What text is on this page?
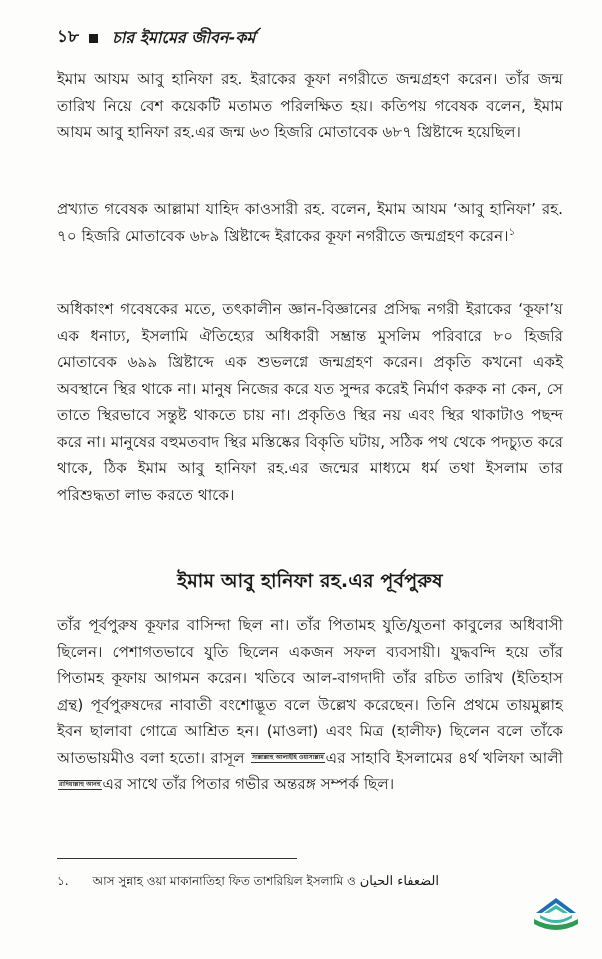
১৮ চার ইমামের জীবন-কর্ম

ইমাম আযম আবু হানিফা রহ. ইরাকের কূফা নগরীতে জন্মগ্রহণ করেন। তাঁর জন্ম তারিখ নিয়ে বেশ কয়েকটি মতামত পরিলক্ষিত হয়। কতিপয় গবেষক বলেন, ইমাম আযম আবু হানিফা রহ.এর জন্ম ৬৩ হিজরি মোতাবেক ৬৮৭ খ্রিষ্টাব্দে হয়েছিল।

প্রখ্যাত গবেষক আল্লামা যাহিদ কাওসারী রহ. বলেন, ইমাম আযম ‘আবু হানিফা’ রহ. ৭০ হিজরি মোতাবেক ৬৮৯ খ্রিষ্টাব্দে ইরাকের কূফা নগরীতে জন্মগ্রহণ করেন।$^১$

অধিকাংশ গবেষকের মতে, তৎকালীন জ্ঞান-বিজ্ঞানের প্রসিদ্ধ নগরী ইরাকের ‘কূফা’য় এক ধনাঢ্য, ইসলামি ঐতিহ্যের অধিকারী সম্ভ্রান্ত মুসলিম পরিবারে ৮০ হিজরি মোতাবেক ৬৯৯ খ্রিষ্টাব্দে এক শুভলগ্নে জন্মগ্রহণ করেন। প্রকৃতি কখনো একই অবস্থানে স্থির থাকে না। মানুষ নিজের করে যত সুন্দর করেই নির্মাণ করুক না কেন, সে তাতে স্থিরভাবে সন্তুষ্ট থাকতে চায় না। প্রকৃতিও স্থির নয় এবং স্থির থাকাটাও পছন্দ করে না। মানুষের বহুমতবাদ স্থির মস্তিষ্কের বিকৃতি ঘটায়, সঠিক পথ থেকে পদচ্যুত করে থাকে, ঠিক ইমাম আবু হানিফা রহ.এর জন্মের মাধ্যমে ধর্ম তথা ইসলাম তার পরিশুদ্ধতা লাভ করতে থাকে।

ইমাম আবু হানিফা রহ.এর পূর্বপুরুষ

তাঁর পূর্বপুরুষ কূফার বাসিন্দা ছিল না। তাঁর পিতামহ যুতি/যুতনা কাবুলের অধিবাসী ছিলেন। পেশাগতভাবে যুতি ছিলেন একজন সফল ব্যবসায়ী। যুদ্ধবন্দি হয়ে তাঁর পিতামহ কূফায় আগমন করেন। খতিবে আল-বাগদাদী তাঁর রচিত তারিখ (ইতিহাস গ্রন্থ) পূর্বপুরুষদের নাবাতী বংশোদ্ভূত বলে উল্লেখ করেছেন। তিনি প্রথমে তায়মুল্লাহ ইবন ছালাবা গোত্রে আশ্রিত হন। (মাওলা) এবং মিত্র (হালীফ) ছিলেন বলে তাঁকে আতভায়মীও বলা হতো। রাসূল সাল্লাল্লাহু আলাইহি ওয়াসাল্লাম এর সাহাবি ইসলামের ৪র্থ খলিফা আলী রাদিয়াল্লাহু আনহু এর সাথে তাঁর পিতার গভীর অন্তরঙ্গ সম্পর্ক ছিল।

১. আস সুন্নাহ ওয়া মাকানাতিহা ফিত তাশরিয়িল ইসলামি ও الضعفاء الحيان
